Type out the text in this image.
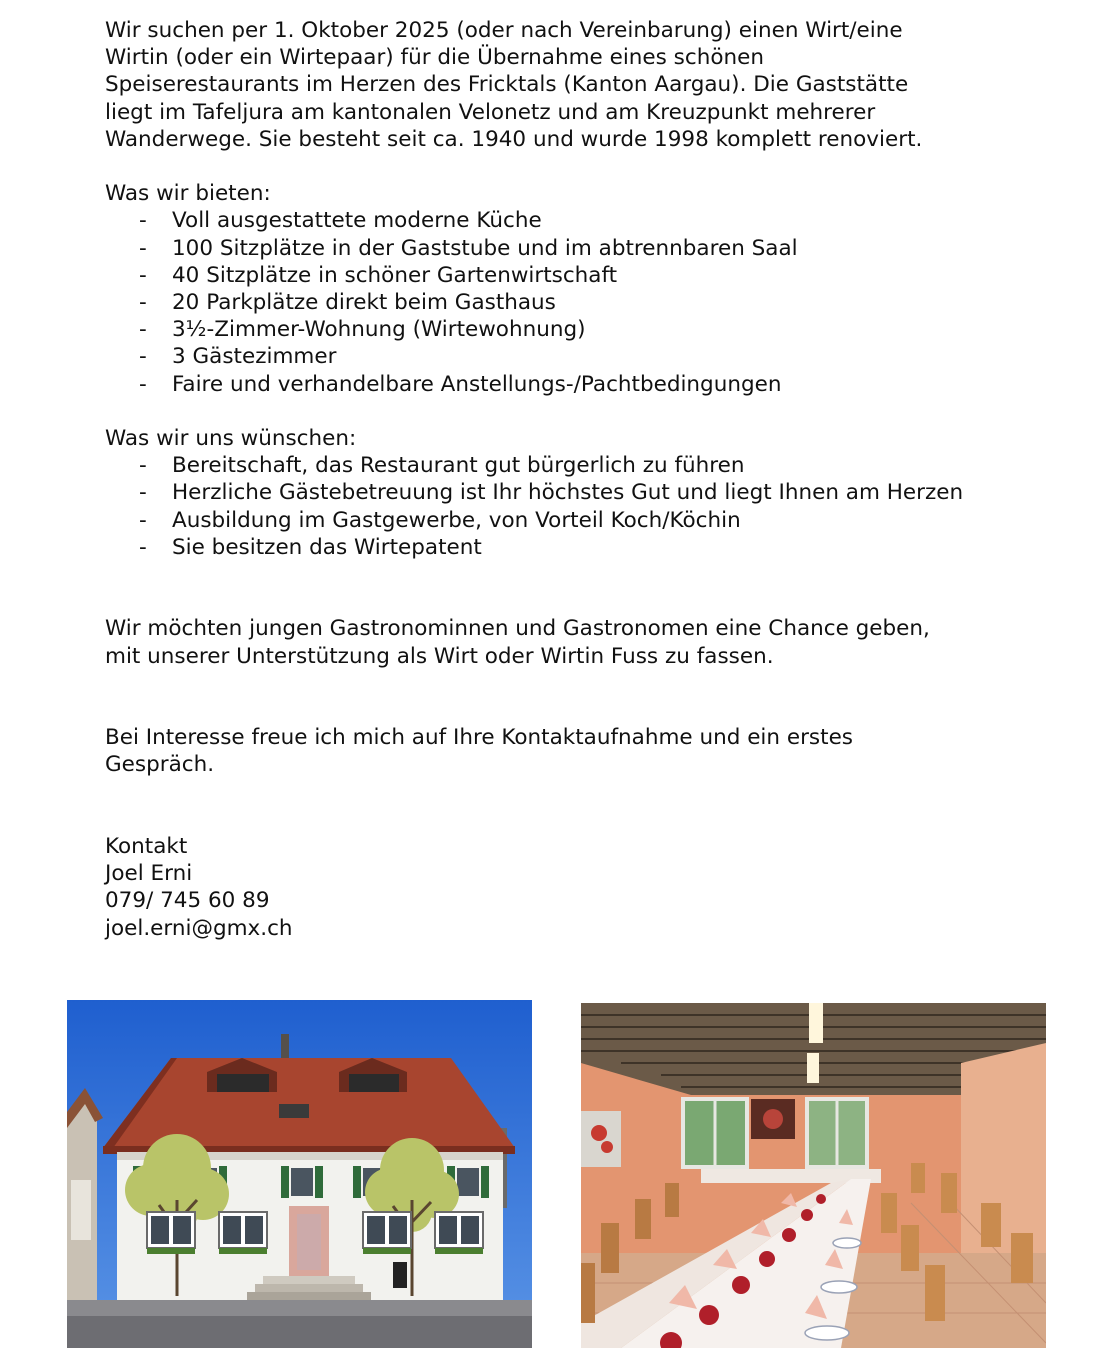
Wir suchen per 1. Oktober 2025 (oder nach Vereinbarung) einen Wirt/eine
Wirtin (oder ein Wirtepaar) für die Übernahme eines schönen
Speiserestaurants im Herzen des Fricktals (Kanton Aargau). Die Gaststätte
liegt im Tafeljura am kantonalen Velonetz und am Kreuzpunkt mehrerer
Wanderwege. Sie besteht seit ca. 1940 und wurde 1998 komplett renoviert.

Was wir bieten:
- Voll ausgestattete moderne Küche
- 100 Sitzplätze in der Gaststube und im abtrennbaren Saal
- 40 Sitzplätze in schöner Gartenwirtschaft
- 20 Parkplätze direkt beim Gasthaus
- 3½-Zimmer-Wohnung (Wirtewohnung)
- 3 Gästezimmer
- Faire und verhandelbare Anstellungs-/Pachtbedingungen
Was wir uns wünschen:
- Bereitschaft, das Restaurant gut bürgerlich zu führen
- Herzliche Gästebetreuung ist Ihr höchstes Gut und liegt Ihnen am Herzen
- Ausbildung im Gastgewerbe, von Vorteil Koch/Köchin
- Sie besitzen das Wirtepatent

Wir möchten jungen Gastronominnen und Gastronomen eine Chance geben,
mit unserer Unterstützung als Wirt oder Wirtin Fuss zu fassen.

Bei Interesse freue ich mich auf Ihre Kontaktaufnahme und ein erstes
Gespräch.

Kontakt
Joel Erni
079/ 745 60 89
joel.erni@gmx.ch
